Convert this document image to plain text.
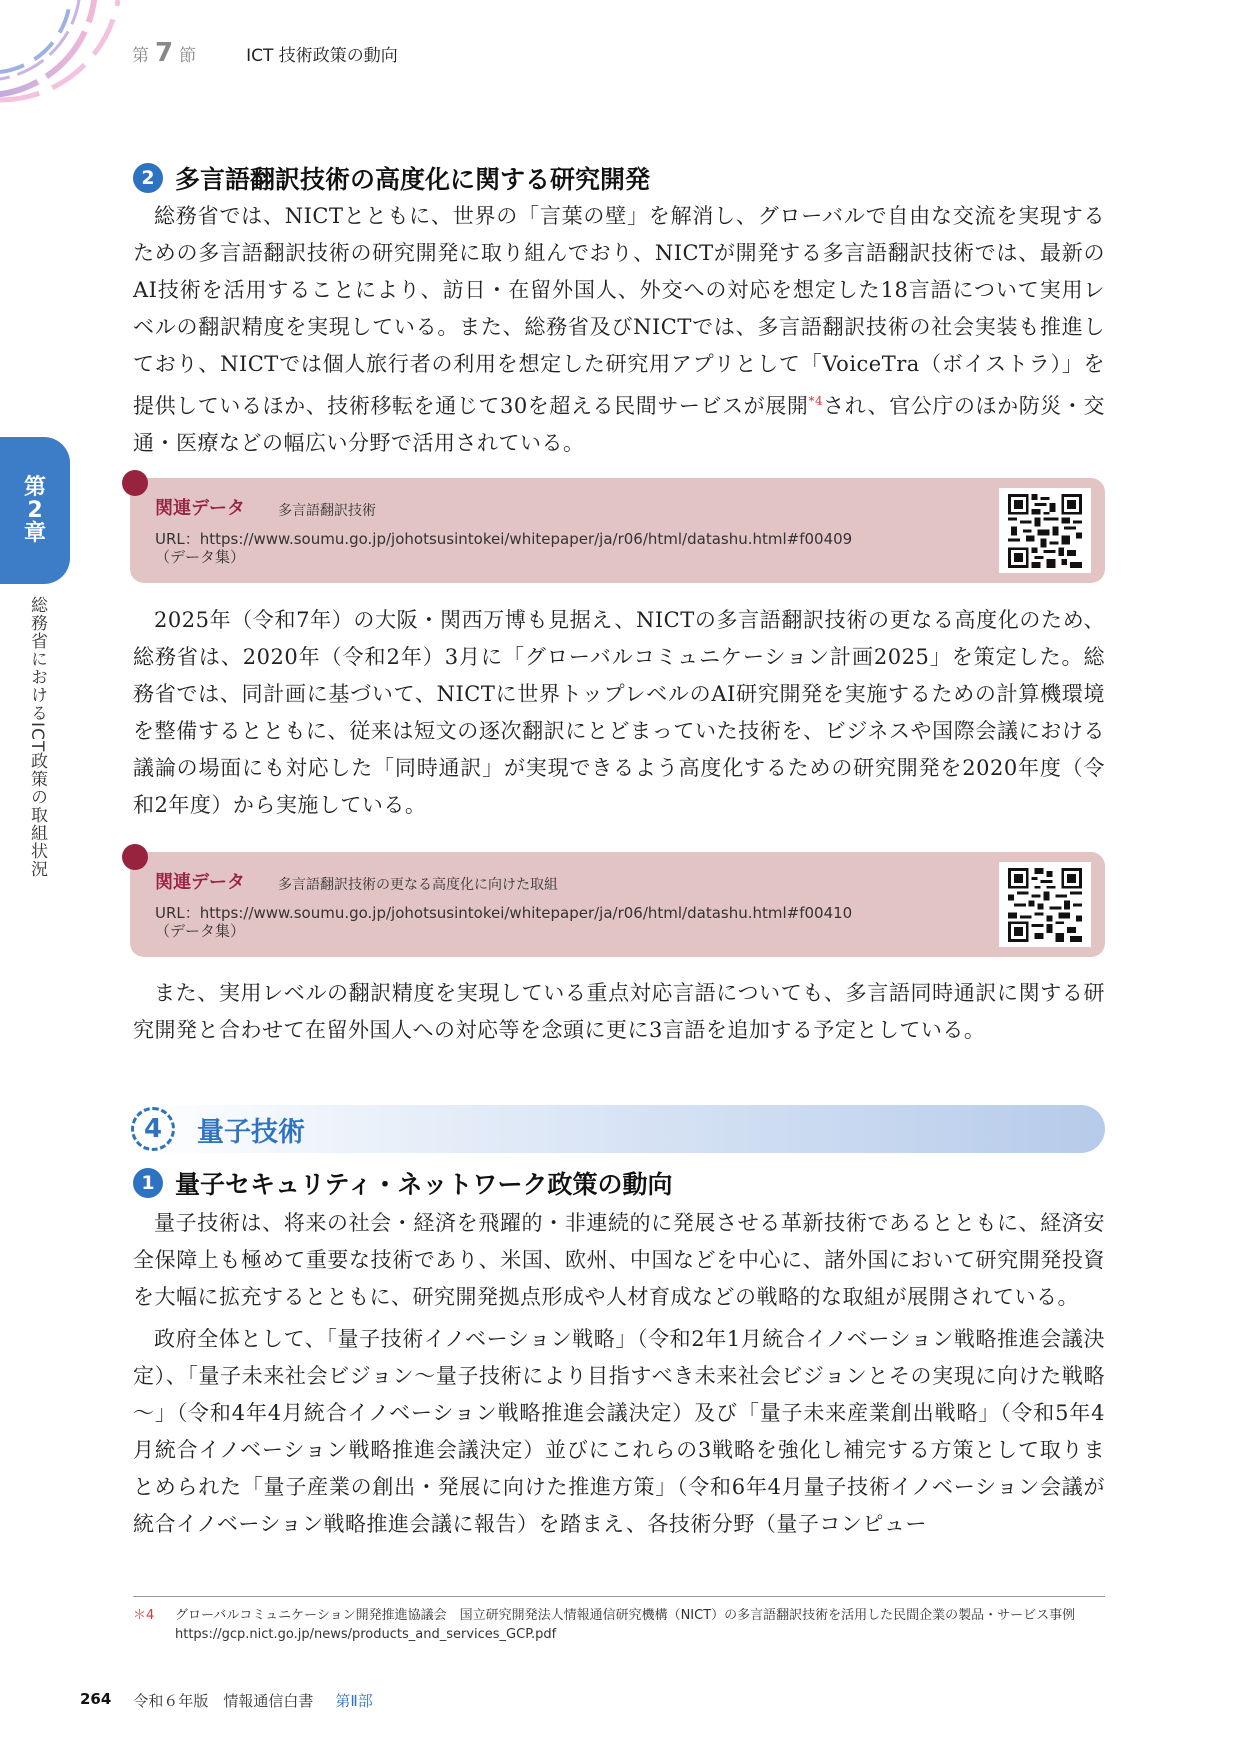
第 7 節	ICT 技術政策の動向
第
2
章
総務省におけるICT政策の取組状況
2 多言語翻訳技術の高度化に関する研究開発

総務省では、NICTとともに、世界の「言葉の壁」を解消し、グローバルで自由な交流を実現するための多言語翻訳技術の研究開発に取り組んでおり、NICTが開発する多言語翻訳技術では、最新のAI技術を活用することにより、訪日・在留外国人、外交への対応を想定した18言語について実用レベルの翻訳精度を実現している。また、総務省及びNICTでは、多言語翻訳技術の社会実装も推進しており、NICTでは個人旅行者の利用を想定した研究用アプリとして「VoiceTra（ボイストラ）」を提供しているほか、技術移転を通じて30を超える民間サービスが展開$^{*4}$され、官公庁のほか防災・交通・医療などの幅広い分野で活用されている。

関連データ 多言語翻訳技術
URL：https://www.soumu.go.jp/johotsusintokei/whitepaper/ja/r06/html/datashu.html#f00409
（データ集）

2025年（令和7年）の大阪・関西万博も見据え、NICTの多言語翻訳技術の更なる高度化のため、総務省は、2020年（令和2年）3月に「グローバルコミュニケーション計画2025」を策定した。総務省では、同計画に基づいて、NICTに世界トップレベルのAI研究開発を実施するための計算機環境を整備するとともに、従来は短文の逐次翻訳にとどまっていた技術を、ビジネスや国際会議における議論の場面にも対応した「同時通訳」が実現できるよう高度化するための研究開発を2020年度（令和2年度）から実施している。

関連データ 多言語翻訳技術の更なる高度化に向けた取組
URL：https://www.soumu.go.jp/johotsusintokei/whitepaper/ja/r06/html/datashu.html#f00410
（データ集）

また、実用レベルの翻訳精度を実現している重点対応言語についても、多言語同時通訳に関する研究開発と合わせて在留外国人への対応等を念頭に更に3言語を追加する予定としている。

4	量子技術
1 量子セキュリティ・ネットワーク政策の動向

量子技術は、将来の社会・経済を飛躍的・非連続的に発展させる革新技術であるとともに、経済安全保障上も極めて重要な技術であり、米国、欧州、中国などを中心に、諸外国において研究開発投資を大幅に拡充するとともに、研究開発拠点形成や人材育成などの戦略的な取組が展開されている。

政府全体として、「量子技術イノベーション戦略」（令和2年1月統合イノベーション戦略推進会議決定）、「量子未来社会ビジョン～量子技術により目指すべき未来社会ビジョンとその実現に向けた戦略～」（令和4年4月統合イノベーション戦略推進会議決定）及び「量子未来産業創出戦略」（令和5年4月統合イノベーション戦略推進会議決定）並びにこれらの3戦略を強化し補完する方策として取りまとめられた「量子産業の創出・発展に向けた推進方策」（令和6年4月量子技術イノベーション会議が統合イノベーション戦略推進会議に報告）を踏まえ、各技術分野（量子コンピュー

＊4	グローバルコミュニケーション開発推進協議会　国立研究開発法人情報通信研究機構（NICT）の多言語翻訳技術を活用した民間企業の製品・サービス事例https://gcp.nict.go.jp/news/products_and_services_GCP.pdf
264 令和６年版　情報通信白書 第Ⅱ部
